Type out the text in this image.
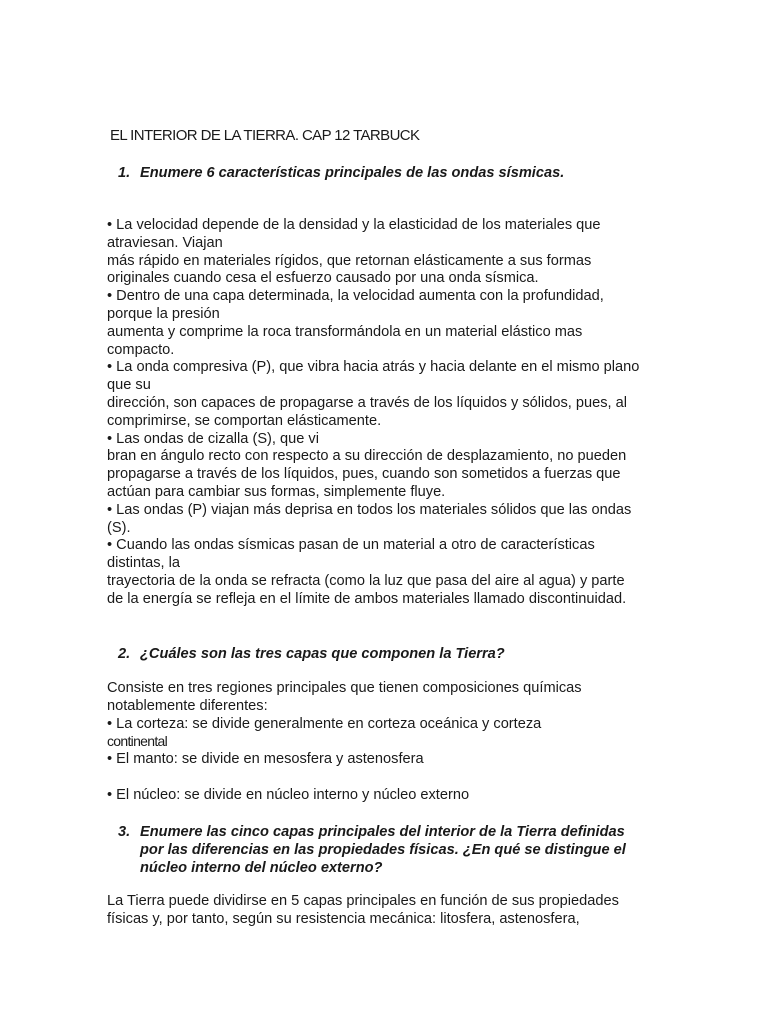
EL INTERIOR DE LA TIERRA. CAP 12 TARBUCK
1. Enumere 6 características principales de las ondas sísmicas.
• La velocidad depende de la densidad y la elasticidad de los materiales que
atraviesan. Viajan
más rápido en materiales rígidos, que retornan elásticamente a sus formas
originales cuando cesa el esfuerzo causado por una onda sísmica.
• Dentro de una capa determinada, la velocidad aumenta con la profundidad,
porque la presión
aumenta y comprime la roca transformándola en un material elástico mas
compacto.
• La onda compresiva (P), que vibra hacia atrás y hacia delante en el mismo plano
que su
dirección, son capaces de propagarse a través de los líquidos y sólidos, pues, al
comprimirse, se comportan elásticamente.
• Las ondas de cizalla (S), que vi
bran en ángulo recto con respecto a su dirección de desplazamiento, no pueden
propagarse a través de los líquidos, pues, cuando son sometidos a fuerzas que
actúan para cambiar sus formas, simplemente fluye.
• Las ondas (P) viajan más deprisa en todos los materiales sólidos que las ondas
(S).
• Cuando las ondas sísmicas pasan de un material a otro de características
distintas, la
trayectoria de la onda se refracta (como la luz que pasa del aire al agua) y parte
de la energía se refleja en el límite de ambos materiales llamado discontinuidad.
2. ¿Cuáles son las tres capas que componen la Tierra?
Consiste en tres regiones principales que tienen composiciones químicas
notablemente diferentes:
• La corteza: se divide generalmente en corteza oceánica y corteza
continental
• El manto: se divide en mesosfera y astenosfera
• El núcleo: se divide en núcleo interno y núcleo externo
3. Enumere las cinco capas principales del interior de la Tierra definidas
por las diferencias en las propiedades físicas. ¿En qué se distingue el
núcleo interno del núcleo externo?
La Tierra puede dividirse en 5 capas principales en función de sus propiedades
físicas y, por tanto, según su resistencia mecánica: litosfera, astenosfera,
